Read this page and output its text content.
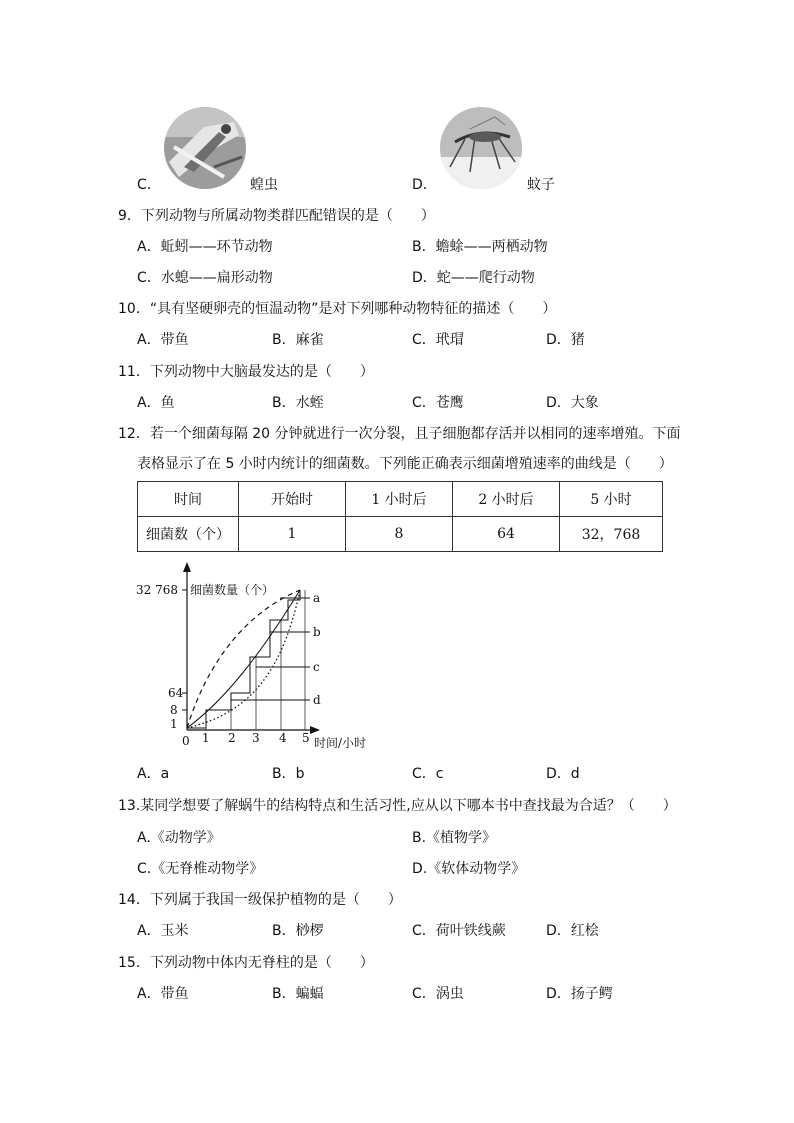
C．	蝗虫	D．	蚊子
9．下列动物与所属动物类群匹配错误的是（　　）
A．蚯蚓——环节动物	B．蟾蜍——两栖动物
C．水螅——扁形动物	D．蛇——爬行动物
10．“具有坚硬卵壳的恒温动物”是对下列哪种动物特征的描述（　　）
A．带鱼	B．麻雀	C．玳瑁	D．猪
11．下列动物中大脑最发达的是（　　）
A．鱼	B．水蛭	C．苍鹰	D．大象
12．若一个细菌每隔 20 分钟就进行一次分裂，且子细胞都存活并以相同的速率增殖。下面
表格显示了在 5 小时内统计的细菌数。下列能正确表示细菌增殖速率的曲线是（　　）
时间	开始时	1 小时后	2 小时后	5 小时
细菌数（个）	1	8	64	32，768
细菌数量（个）
时间/小时
32 768
64
8
1
0 1 2 3 4 5
a
b
c
d
A．a	B．b	C．c	D．d
13.某同学想要了解蜗牛的结构特点和生活习性,应从以下哪本书中查找最为合适？（　　）
A.《动物学》	B.《植物学》
C.《无脊椎动物学》	D.《软体动物学》
14．下列属于我国一级保护植物的是（　　）
A．玉米	B．桫椤	C．荷叶铁线蕨	D．红桧
15．下列动物中体内无脊柱的是（　　）
A．带鱼	B．蝙蝠	C．涡虫	D．扬子鳄
